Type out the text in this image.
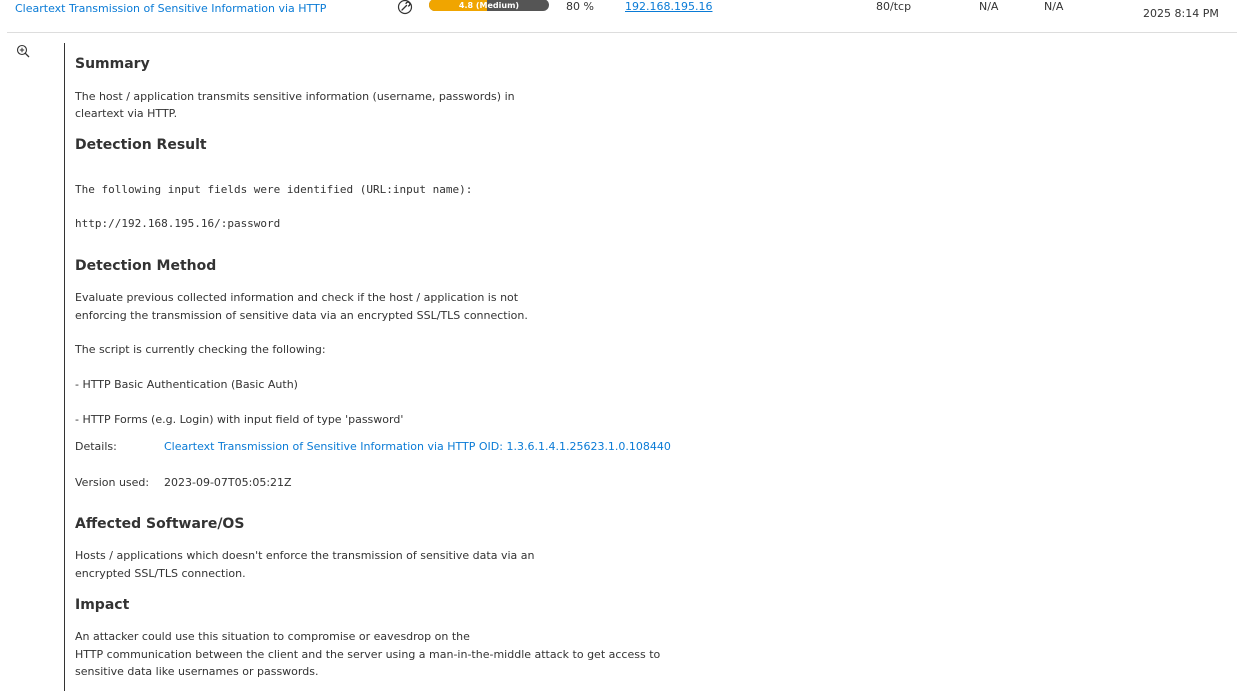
Cleartext Transmission of Sensitive Information via HTTP	4.8 (Medium)	80 %	192.168.195.16	80/tcp	N/A	N/A
2025 8:14 PM
Summary
The host / application transmits sensitive information (username, passwords) in
cleartext via HTTP.
Detection Result
The following input fields were identified (URL:input name):
http://192.168.195.16/:password
Detection Method
Evaluate previous collected information and check if the host / application is not
enforcing the transmission of sensitive data via an encrypted SSL/TLS connection.
The script is currently checking the following:
- HTTP Basic Authentication (Basic Auth)
- HTTP Forms (e.g. Login) with input field of type 'password'
Details:	Cleartext Transmission of Sensitive Information via HTTP OID: 1.3.6.1.4.1.25623.1.0.108440
Version used: 2023-09-07T05:05:21Z
Affected Software/OS
Hosts / applications which doesn't enforce the transmission of sensitive data via an
encrypted SSL/TLS connection.
Impact
An attacker could use this situation to compromise or eavesdrop on the
HTTP communication between the client and the server using a man-in-the-middle attack to get access to
sensitive data like usernames or passwords.
